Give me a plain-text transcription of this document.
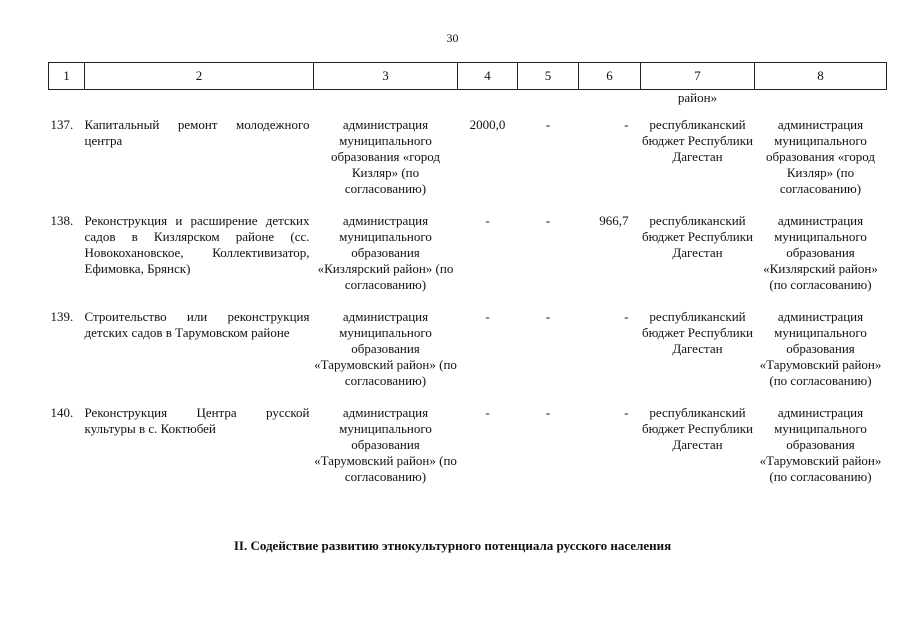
30
1	2	3	4	5	6	7	8
						район»	
137.	Капитальный ремонт молодежного центра	администрация муниципального образования «город Кизляр» (по согласованию)	2000,0	-	-	республиканский бюджет Республики Дагестан	администрация муниципального образования «город Кизляр» (по согласованию)
138.	Реконструкция и расширение детских садов в Кизлярском районе (сс. Новокохановское, Коллективизатор, Ефимовка, Брянск)	администрация муниципального образования «Кизлярский район» (по согласованию)	-	-	966,7	республиканский бюджет Республики Дагестан	администрация муниципального образования «Кизлярский район» (по согласованию)
139.	Строительство или реконструкция детских садов в Тарумовском районе	администрация муниципального образования «Тарумовский район» (по согласованию)	-	-	-	республиканский бюджет Республики Дагестан	администрация муниципального образования «Тарумовский район» (по согласованию)
140.	Реконструкция Центра русской культуры в с. Коктюбей	администрация муниципального образования «Тарумовский район» (по согласованию)	-	-	-	республиканский бюджет Республики Дагестан	администрация муниципального образования «Тарумовский район» (по согласованию)
II. Содействие развитию этнокультурного потенциала русского населения
